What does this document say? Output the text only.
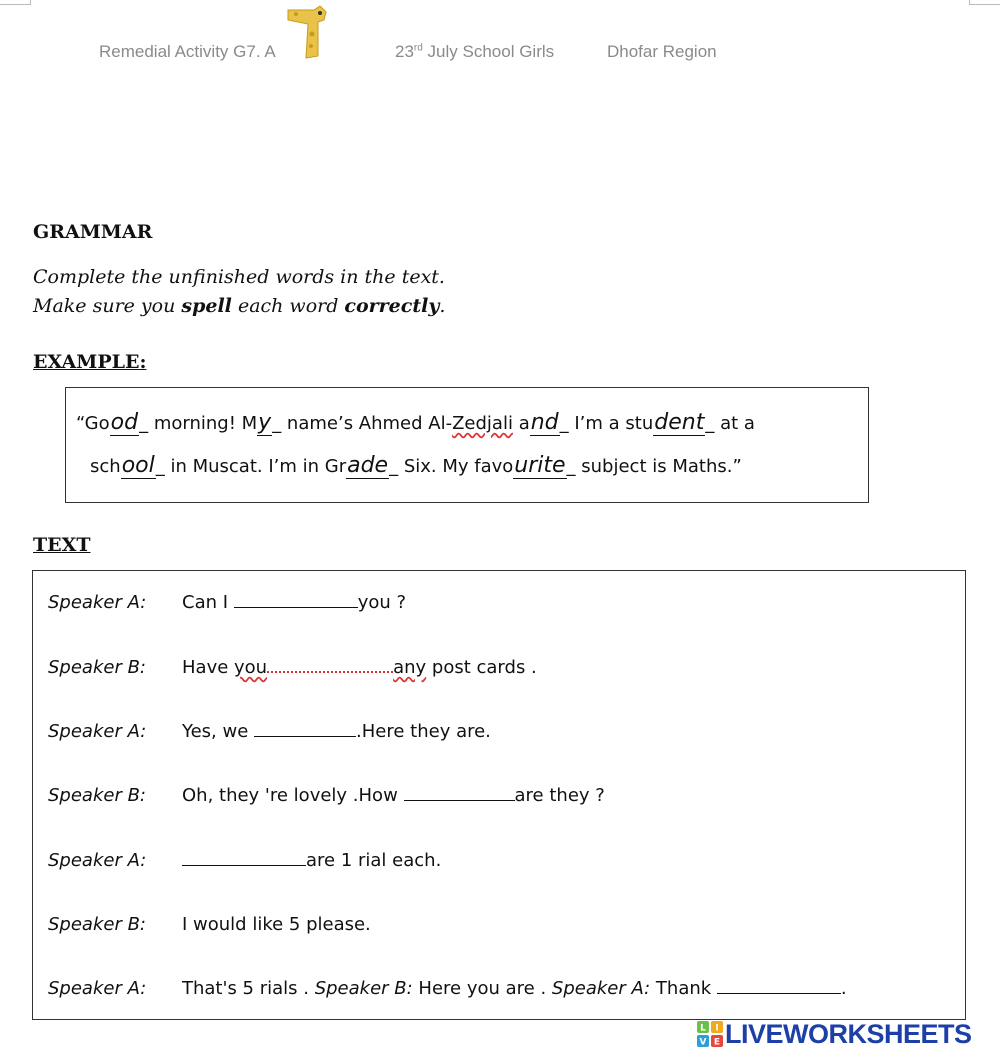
Remedial Activity G7. A	23rd July School Girls	Dhofar Region
GRAMMAR
Complete the unfinished words in the text.
Make sure you spell each word correctly.
EXAMPLE:
“Good_ morning! My_ name’s Ahmed Al-Zedjali and_ I’m a student_ at a
school_ in Muscat. I’m in Grade_ Six. My favourite_ subject is Maths.”
TEXT
Speaker A: Can I	you ?
Speaker B: Have you	any post cards .
Speaker A: Yes, we	.Here they are.
Speaker B: Oh, they 're lovely .How	are they ?
Speaker A:	are 1 rial each.
Speaker B: I would like 5 please.
Speaker A: That's 5 rials . Speaker B: Here you are . Speaker A: Thank	.
L I
V E LIVEWORKSHEETS
